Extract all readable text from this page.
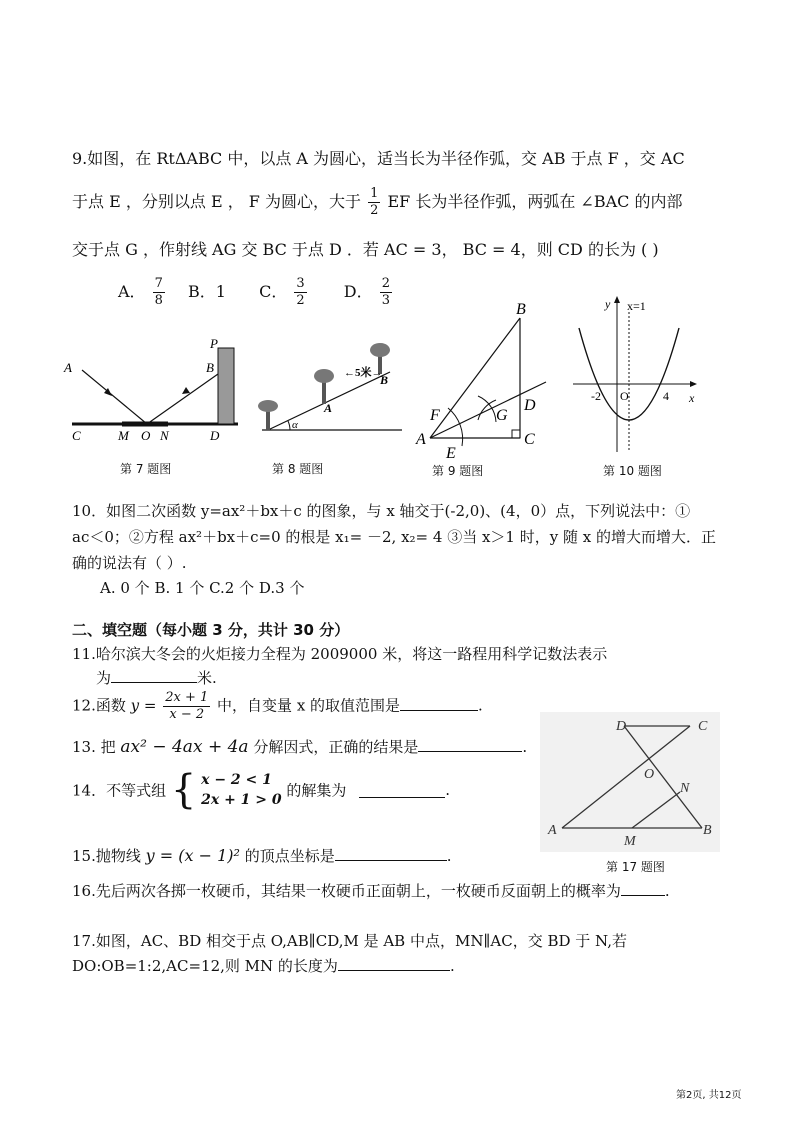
9.如图，在 RtΔABC 中，以点 A 为圆心，适当长为半径作弧，交 AB 于点 F ，交 AC
于点 E ，分别以点 E ， F 为圆心，大于 $\frac{1}{2}$ EF 长为半径作弧，两弧在 ∠BAC 的内部
交于点 G ，作射线 AG 交 BC 于点 D ．若 AC = 3， BC = 4，则 CD 的长为 ( )
A． $\frac{7}{8}$ B．1 C． $\frac{3}{2}$ D． $\frac{2}{3}$
A
P
B
C	M O N	D
第 7 题图
←5米→
A
B
α
第 8 题图
B
F	G
D
A
E
C
第 9 题图
y x=1
-2 O	4 x
第 10 题图
10．如图二次函数 y=ax²＋bx＋c 的图象，与 x 轴交于(-2,0)、(4，0）点，下列说法中：①
ac＜0；②方程 ax²＋bx＋c=0 的根是 x₁= －2, x₂= 4 ③当 x＞1 时，y 随 x 的增大而增大．正
确的说法有（ ）.
A. 0 个 B. 1 个 C.2 个 D.3 个
二、填空题（每小题 3 分，共计 30 分）
11.哈尔滨大冬会的火炬接力全程为 2009000 米，将这一路程用科学记数法表示
为	米.
12.函数 $y = \frac{2x + 1}{x - 2}$ 中，自变量 x 的取值范围是	.
13. 把 ax² − 4ax + 4a 分解因式，正确的结果是	.
14．不等式组 { x − 2 < 1
2x + 1 > 0 的解集为	.
15.抛物线 y = (x − 1)² 的顶点坐标是	.
D	C
O
N
A
M
B
第 17 题图
16.先后两次各掷一枚硬币，其结果一枚硬币正面朝上，一枚硬币反面朝上的概率为	.
17.如图，AC、BD 相交于点 O,AB∥CD,M 是 AB 中点，MN∥AC，交 BD 于 N,若
DO:OB=1:2,AC=12,则 MN 的长度为	.
第2页, 共12页
